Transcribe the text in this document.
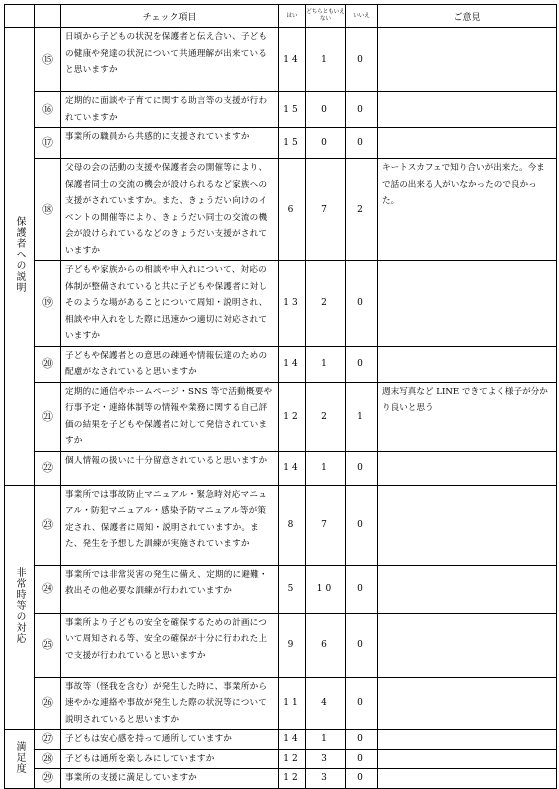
		チェック項目	はい	どちらともいえない	いいえ	ご意見
保護者への説明	⑮	日頃から子どもの状況を保護者と伝え合い、子どもの健康や発達の状況について共通理解が出来ていると思いますか	14	1	0	
	⑯	定期的に面談や子育てに関する助言等の支援が行われていますか	15	0	0	
	⑰	事業所の職員から共感的に支援されていますか	15	0	0	
	⑱	父母の会の活動の支援や保護者会の開催等により、保護者同士の交流の機会が設けられるなど家族への支援がされていますか。また、きょうだい向けのイベントの開催等により、きょうだい同士の交流の機会が設けられているなどのきょうだい支援がされていますか	6	7	2	キートスカフェで知り合いが出来た。今まで話の出来る人がいなかったので良かった。
	⑲	子どもや家族からの相談や申入れについて、対応の体制が整備されていると共に子どもや保護者に対しそのような場があることについて周知・説明され、相談や申入れをした際に迅速かつ適切に対応されていますか	13	2	0	
	⑳	子どもや保護者との意思の疎通や情報伝達のための配慮がなされていると思いますか	14	1	0	
	㉑	定期的に通信やホームページ・SNS 等で活動概要や行事予定・連絡体制等の情報や業務に関する自己評価の結果を子どもや保護者に対して発信されていますか	12	2	1	週末写真など LINE できてよく様子が分かり良いと思う
	㉒	個人情報の扱いに十分留意されていると思いますか	14	1	0	
非常時等の対応	㉓	事業所では事故防止マニュアル・緊急時対応マニュアル・防犯マニュアル・感染予防マニュアル等が策定され、保護者に周知・説明されていますか。また、発生を予想した訓練が実施されていますか	8	7	0	
	㉔	事業所では非常災害の発生に備え、定期的に避難・救出その他必要な訓練が行われていますか	5	10	0	
	㉕	事業所より子どもの安全を確保するための計画について周知される等、安全の確保が十分に行われた上で支援が行われていると思いますか	9	6	0	
	㉖	事故等（怪我を含む）が発生した時に、事業所から速やかな連絡や事故が発生した際の状況等について説明されていると思いますか	11	4	0	
満足度	㉗	子どもは安心感を持って通所していますか	14	1	0	
	㉘	子どもは通所を楽しみにしていますか	12	3	0	
	㉙	事業所の支援に満足していますか	12	3	0	
